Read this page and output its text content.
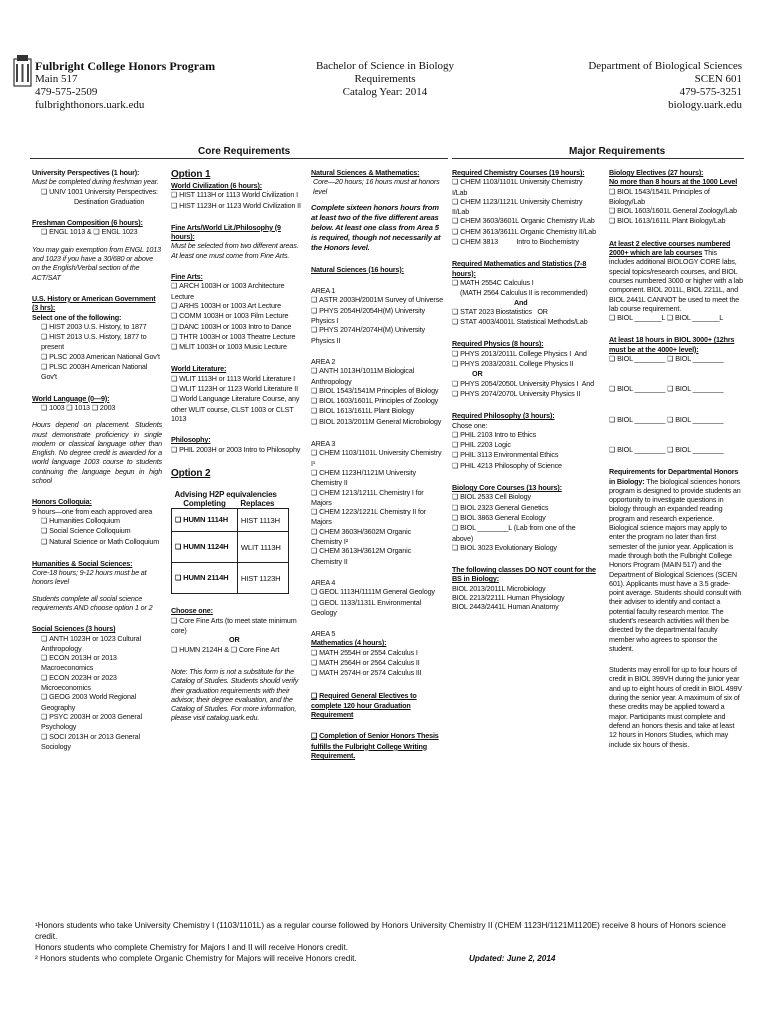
Fulbright College Honors Program
Main 517
479-575-2509
fulbrighthonors.uark.edu
Bachelor of Science in Biology
Requirements
Catalog Year: 2014
Department of Biological Sciences
SCEN 601
479-575-3251
biology.uark.edu
Core Requirements	Major Requirements

University Perspectives (1 hour):

Must be completed during freshman year.

❑ UNIV 1001 University Perspectives:

Destination Graduation

Freshman Composition (6 hours):

❑ ENGL 1013 & ❑ ENGL 1023

You may gain exemption from ENGL 1013 and 1023 if you have a 30/680 or above on the English/Verbal section of the ACT/SAT

U.S. History or American Government (3 hrs):

Select one of the following:

❑ HIST 2003 U.S. History, to 1877

❑ HIST 2013 U.S. History, 1877 to present

❑ PLSC 2003 American National Gov't

❑ PLSC 2003H American National Gov't

World Language (0—9):

❑ 1003 ❑ 1013 ❑ 2003

Hours depend on placement. Students must demonstrate proficiency in single modern or classical language other than English. No degree credit is awarded for a world language 1003 course to students continuing the language begun in high school

Honors Colloquia:

9 hours—one from each approved area

❑ Humanities Colloquium

❑ Social Science Colloquium

❑ Natural Science or Math Colloquium

Humanities & Social Sciences:

Core-18 hours; 9-12 hours must be at honors level

Students complete all social science requirements AND choose option 1 or 2

Social Sciences (3 hours)

❑ ANTH 1023H or 1023 Cultural Anthropology

❑ ECON 2013H or 2013 Macroeconomics

❑ ECON 2023H or 2023 Microeconomics

❑ GEOG 2003 World Regional Geography

❑ PSYC 2003H or 2003 General Psychology

❑ SOCI 2013H or 2013 General Sociology

Option 1

World Civilization (6 hours):

❑ HIST 1113H or 1113 World Civilization I

❑ HIST 1123H or 1123 World Civilization II

Fine Arts/World Lit./Philosophy (9 hours):

Must be selected from two different areas. At least one must come from Fine Arts.

Fine Arts:

❑ ARCH 1003H or 1003 Architecture Lecture

❑ ARHS 1003H or 1003 Art Lecture

❑ COMM 1003H or 1003 Film Lecture

❑ DANC 1003H or 1003 Intro to Dance

❑ THTR 1003H or 1003 Theatre Lecture

❑ MLIT 1003H or 1003 Music Lecture

World Literature:

❑ WLIT 1113H or 1113 World Literature I

❑ WLIT 1123H or 1123 World Literature II

❑ World Language Literature Course, any other WLIT course, CLST 1003 or CLST 1013

Philosophy:

❑ PHIL 2003H or 2003 Intro to Philosophy

Option 2

Advising H2P equivalencies	
Completing	Replaces
❑ HUMN 1114H	HIST 1113H
❑ HUMN 1124H	WLIT 1113H
❑ HUMN 2114H	HIST 1123H

Choose one:

❑ Core Fine Arts (to meet state minimum core)

OR

❑ HUMN 2124H & ❑ Core Fine Art

Note: This form is not a substitute for the Catalog of Studies. Students should verify their graduation requirements with their advisor, their degree evaluation, and the Catalog of Studies. For more information, please visit catalog.uark.edu.

Natural Sciences & Mathematics:

Core—20 hours; 16 hours must at honors level

Complete sixteen honors hours from at least two of the five different areas below. At least one class from Area 5 is required, though not necessarily at the Honors level.

Natural Sciences (16 hours):

AREA 1

❑ ASTR 2003H/2001M Survey of Universe

❑ PHYS 2054H/2054H(M) University Physics I

❑ PHYS 2074H/2074H(M) University Physics II

AREA 2

❑ ANTH 1013H/1011M Biological Anthropology

❑ BIOL 1543/1541M Principles of Biology

❑ BIOL 1603/1601L Principles of Zoology

❑ BIOL 1613/1611L Plant Biology

❑ BIOL 2013/2011M General Microbiology

AREA 3

❑ CHEM 1103/1101L University Chemistry I¹

❑ CHEM 1123H/1121M University Chemistry II

❑ CHEM 1213/1211L Chemistry I for Majors

❑ CHEM 1223/1221L Chemistry II for Majors

❑ CHEM 3603H/3602M Organic Chemistry I²

❑ CHEM 3613H/3612M Organic Chemistry II

AREA 4

❑ GEOL 1113H/1111M General Geology

❑ GEOL 1133/1131L Environmental Geology

AREA 5

Mathematics (4 hours):

❑ MATH 2554H or 2554 Calculus I

❑ MATH 2564H or 2564 Calculus II

❑ MATH 2574H or 2574 Calculus III

❑ Required General Electives to complete 120 hour Graduation Requirement

❑ Completion of Senior Honors Thesis fulfills the Fulbright College Writing Requirement.

Required Chemistry Courses (19 hours):

❑ CHEM 1103/1101L University Chemistry I/Lab

❑ CHEM 1123/1121L University Chemistry II/Lab

❑ CHEM 3603/3601L Organic Chemistry I/Lab

❑ CHEM 3613/3611L Organic Chemistry II/Lab

❑ CHEM 3813          Intro to Biochemistry

Required Mathematics and Statistics (7-8 hours):

❑ MATH 2554C Calculus I

(MATH 2564 Calculus II is recommended)

And

❑ STAT 2023 Biostatistics   OR

❑ STAT 4003/4001L Statistical Methods/Lab

Required Physics (8 hours):

❑ PHYS 2013/2011L College Physics I  And

❑ PHYS 2033/2031L College Physics II

OR

❑ PHYS 2054/2050L University Physics I  And

❑ PHYS 2074/2070L University Physics II

Required Philosophy (3 hours):

Chose one:

❑ PHIL 2103 Intro to Ethics

❑ PHIL 2203 Logic

❑ PHIL 3113 Environmental Ethics

❑ PHIL 4213 Philosophy of Science

Biology Core Courses (13 hours):

❑ BIOL 2533 Cell Biology

❑ BIOL 2323 General Genetics

❑ BIOL 3863 General Ecology

❑ BIOL ________L (Lab from one of the above)

❑ BIOL 3023 Evolutionary Biology

The following classes DO NOT count for the BS in Biology:

BIOL 2013/2011L Microbiology

BIOL 2213/2211L Human Physiology

BIOL 2443/2441L Human Anatomy

Biology Electives (27 hours):

No more than 8 hours at the 1000 Level

❑ BIOL 1543/1541L Principles of Biology/Lab

❑ BIOL 1603/1601L General Zoology/Lab

❑ BIOL 1613/1611L Plant Biology/Lab

At least 2 elective courses numbered 2000+ which are lab courses This includes additional BIOLOGY CORE labs, special topics/research courses, and BIOL courses numbered 3000 or higher with a lab component. BIOL 2011L, BIOL 2211L, and BIOL 2441L CANNOT be used to meet the lab course requirement.

❑ BIOL _______L ❑ BIOL _______L

At least 18 hours in BIOL 3000+ (12hrs must be at the 4000+ level):

❑ BIOL ________ ❑ BIOL ________

❑ BIOL ________ ❑ BIOL ________

❑ BIOL ________ ❑ BIOL ________

❑ BIOL ________ ❑ BIOL ________

Requirements for Departmental Honors in Biology: The biological sciences honors program is designed to provide students an opportunity to investigate questions in biology through an expanded reading program and research experience. Biological science majors may apply to enter the program no later than first semester of the junior year. Application is made through both the Fulbright College Honors Program (MAIN 517) and the Department of Biological Sciences (SCEN 601). Applicants must have a 3.5 grade-point average. Students should consult with their adviser to identify and contact a potential faculty research mentor. The student's research activities will then be directed by the departmental faculty member who agrees to sponsor the student.

Students may enroll for up to four hours of credit in BIOL 399VH during the junior year and up to eight hours of credit in BIOL 499V during the senior year. A maximum of six of these credits may be applied toward a major. Participants must complete and defend an honors thesis and take at least 12 hours in Honors Studies, which may include six hours of thesis.

¹Honors students who take University Chemistry I (1103/1101L) as a regular course followed by Honors University Chemistry II (CHEM 1123H/1121M1120E) receive 8 hours of Honors science credit.

Honors students who complete Chemistry for Majors I and II will receive Honors credit.

² Honors students who complete Organic Chemistry for Majors will receive Honors credit.	Updated: June 2, 2014
